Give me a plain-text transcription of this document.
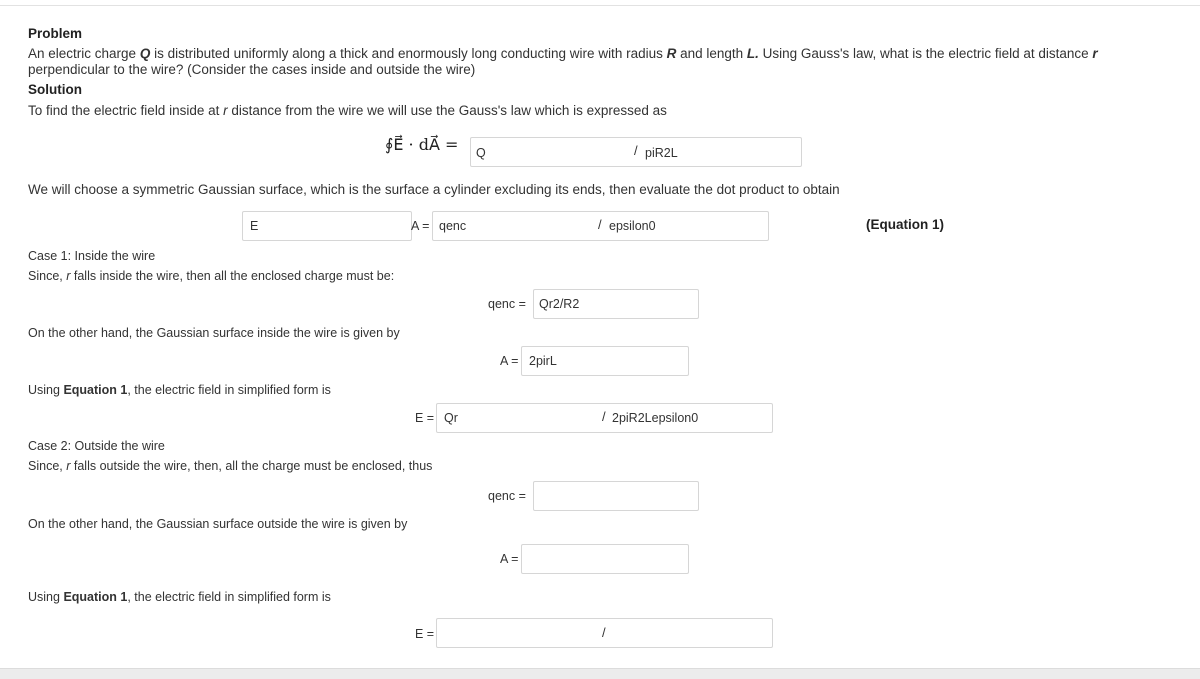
Problem
An electric charge Q is distributed uniformly along a thick and enormously long conducting wire with radius R and length L. Using Gauss's law, what is the electric field at distance r
perpendicular to the wire? (Consider the cases inside and outside the wire)
Solution
To find the electric field inside at r distance from the wire we will use the Gauss's law which is expressed as
∮E⃗ · dA⃗ = Q	/ piR2L
We will choose a symmetric Gaussian surface, which is the surface a cylinder excluding its ends, then evaluate the dot product to obtain
E	A = qenc	/ epsilon0	(Equation 1)
Case 1: Inside the wire
Since, r falls inside the wire, then all the enclosed charge must be:
qenc = Qr2/R2
On the other hand, the Gaussian surface inside the wire is given by
A = 2pirL
Using Equation 1, the electric field in simplified form is
E = Qr	/ 2piR2Lepsilon0
Case 2: Outside the wire
Since, r falls outside the wire, then, all the charge must be enclosed, thus
qenc =
On the other hand, the Gaussian surface outside the wire is given by
A =
Using Equation 1, the electric field in simplified form is
E =	/
